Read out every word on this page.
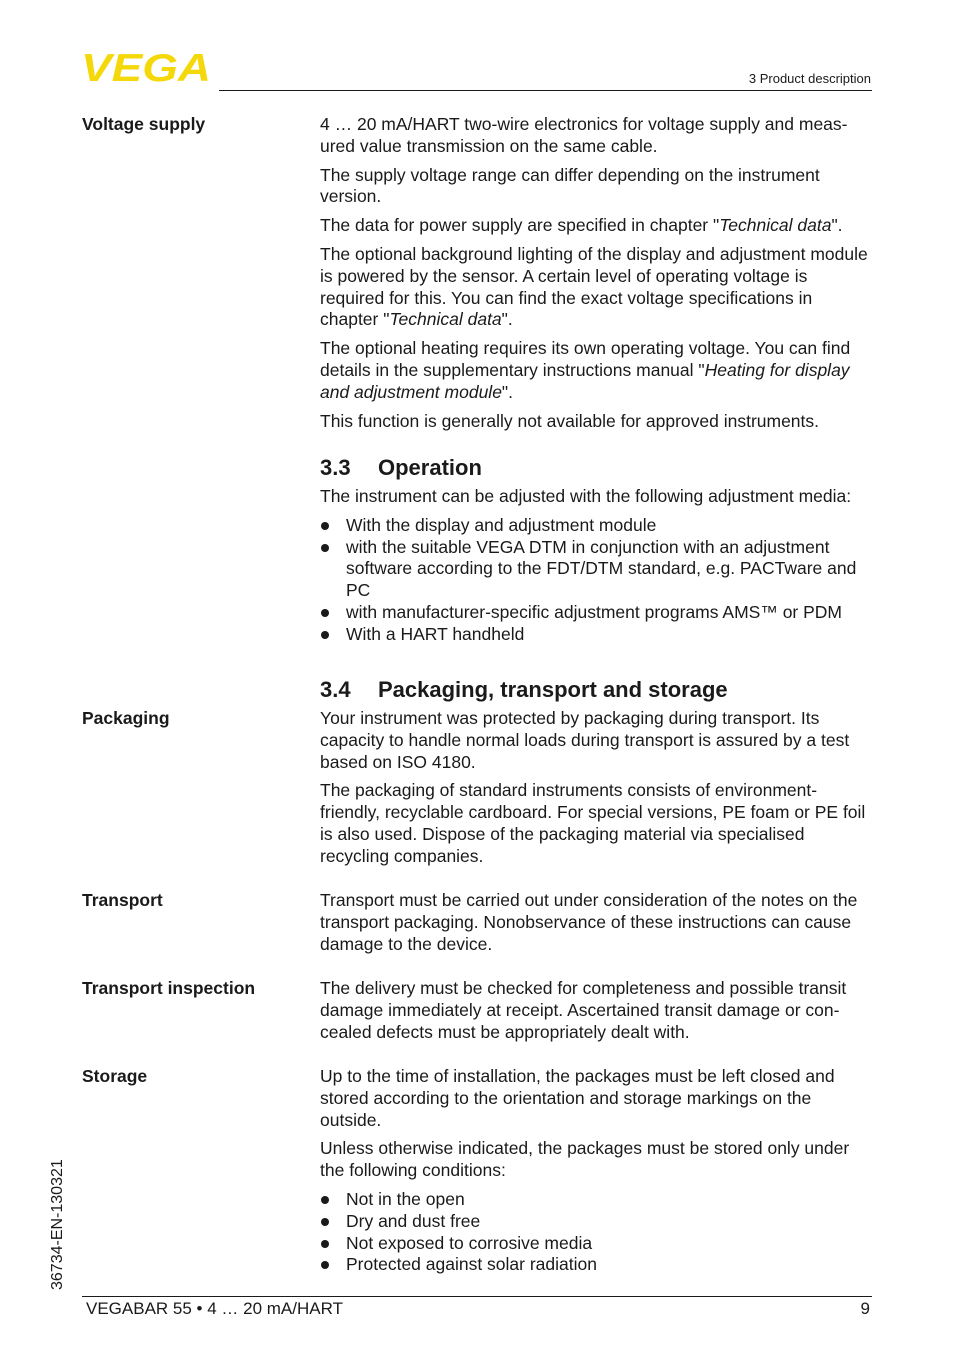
VEGA	3 Product description
Voltage supply	4 … 20 mA/HART two-wire electronics for voltage supply and meas- ured value transmission on the same cable.

The supply voltage range can differ depending on the instrument version.

The data for power supply are specified in chapter "Technical data".

The optional background lighting of the display and adjustment module is powered by the sensor. A certain level of operating voltage is required for this. You can find the exact voltage specifications in chapter "Technical data".

The optional heating requires its own operating voltage. You can find details in the supplementary instructions manual "Heating for display and adjustment module".

This function is generally not available for approved instruments.

3.3 Operation

The instrument can be adjusted with the following adjustment media:

With the display and adjustment module
with the suitable VEGA DTM in conjunction with an adjustment software according to the FDT/DTM standard, e.g. PACTware and PC
with manufacturer-specific adjustment programs AMS™ or PDM
With a HART handheld
3.4 Packaging, transport and storage
Packaging	Your instrument was protected by packaging during transport. Its capacity to handle normal loads during transport is assured by a test based on ISO 4180.

The packaging of standard instruments consists of environment- friendly, recyclable cardboard. For special versions, PE foam or PE foil is also used. Dispose of the packaging material via specialised recycling companies.

Transport	Transport must be carried out under consideration of the notes on the transport packaging. Nonobservance of these instructions can cause damage to the device.

Transport inspection	The delivery must be checked for completeness and possible transit damage immediately at receipt. Ascertained transit damage or con- cealed defects must be appropriately dealt with.

Storage	Up to the time of installation, the packages must be left closed and stored according to the orientation and storage markings on the outside.

Unless otherwise indicated, the packages must be stored only under the following conditions:

Not in the open
Dry and dust free
Not exposed to corrosive media
Protected against solar radiation
36734-EN-130321
VEGABAR 55 • 4 … 20 mA/HART	9
